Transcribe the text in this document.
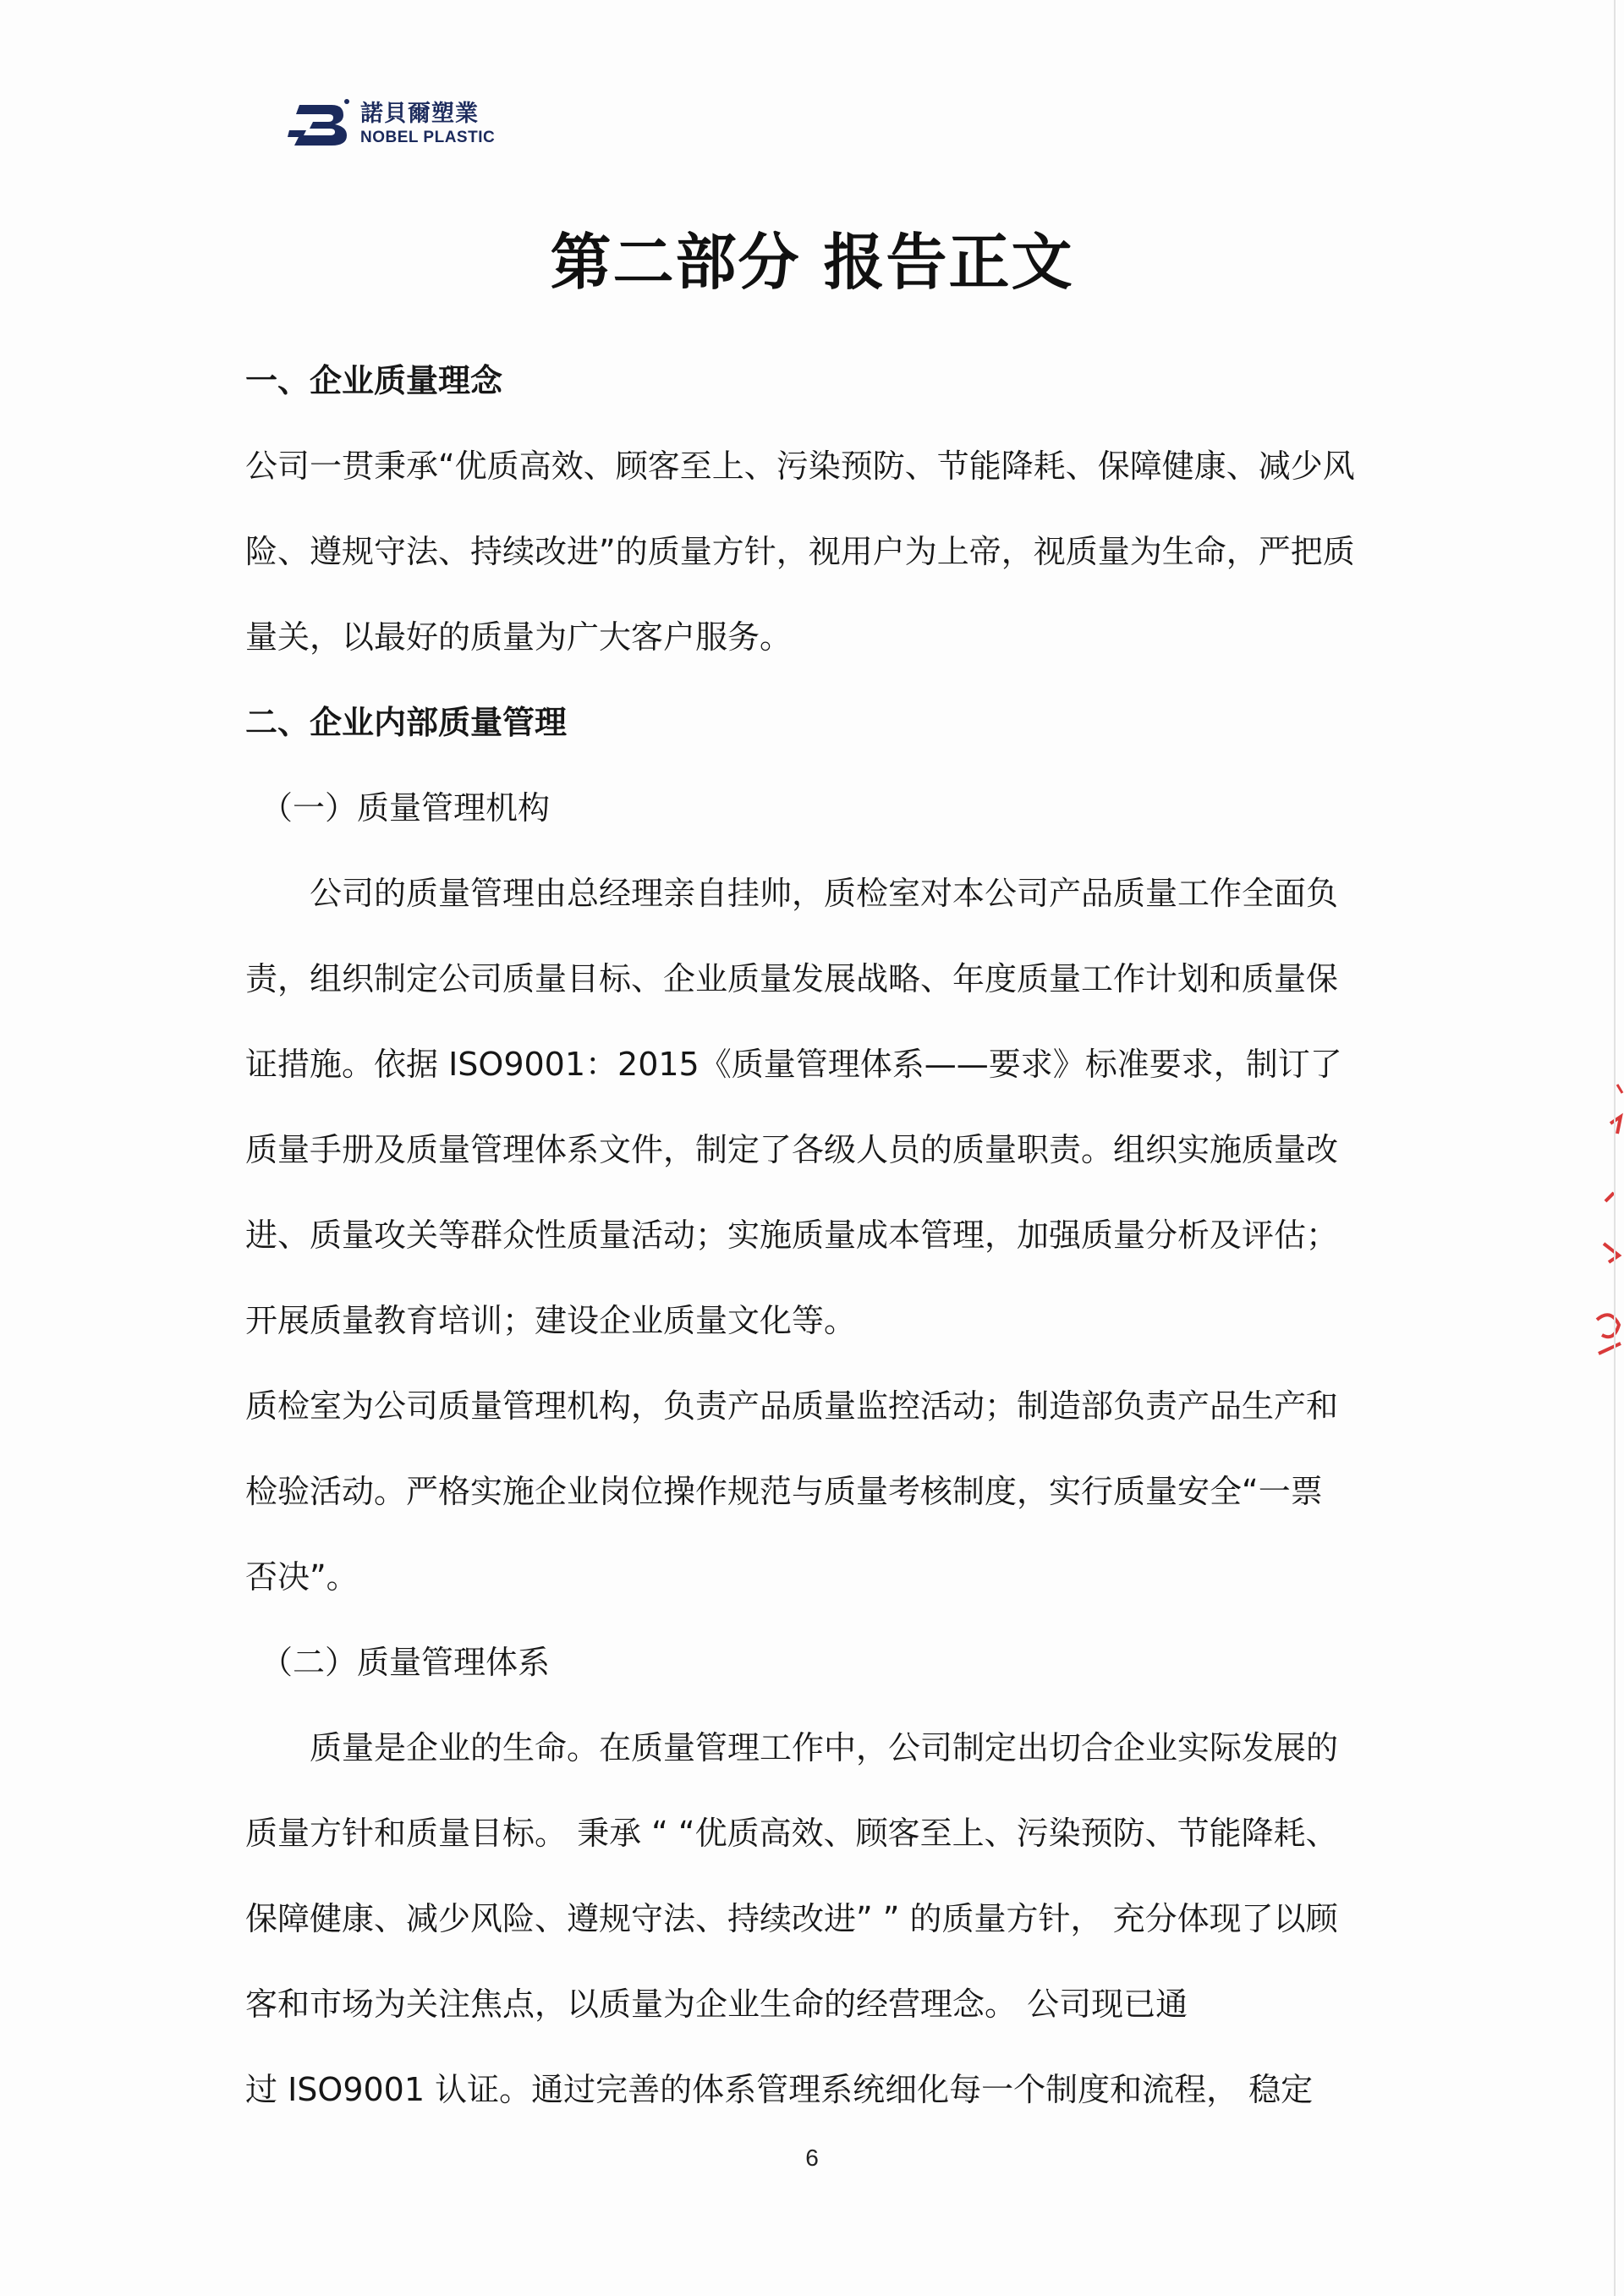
諾貝爾塑業
NOBEL PLASTIC
第二部分 报告正文
一、企业质量理念
公司一贯秉承“优质高效、顾客至上、污染预防、节能降耗、保障健康、减少风
险、遵规守法、持续改进”的质量方针，视用户为上帝，视质量为生命，严把质
量关，以最好的质量为广大客户服务。
二、企业内部质量管理
（一）质量管理机构
公司的质量管理由总经理亲自挂帅，质检室对本公司产品质量工作全面负
责，组织制定公司质量目标、企业质量发展战略、年度质量工作计划和质量保
证措施。依据 ISO9001：2015《质量管理体系——要求》标准要求，制订了
质量手册及质量管理体系文件，制定了各级人员的质量职责。组织实施质量改
进、质量攻关等群众性质量活动；实施质量成本管理，加强质量分析及评估；
开展质量教育培训；建设企业质量文化等。
质检室为公司质量管理机构，负责产品质量监控活动；制造部负责产品生产和
检验活动。严格实施企业岗位操作规范与质量考核制度，实行质量安全“一票
否决”。
（二）质量管理体系
质量是企业的生命。在质量管理工作中，公司制定出切合企业实际发展的
质量方针和质量目标。 秉承 “ “优质高效、顾客至上、污染预防、节能降耗、
保障健康、减少风险、遵规守法、持续改进” ” 的质量方针， 充分体现了以顾
客和市场为关注焦点，以质量为企业生命的经营理念。 公司现已通
过 ISO9001 认证。通过完善的体系管理系统细化每一个制度和流程， 稳定
6
